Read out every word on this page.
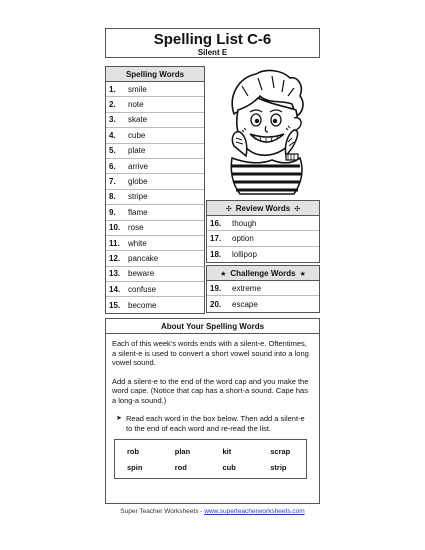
Spelling List C-6
Silent E
Spelling Words
1.	smile
2.	note
3.	skate
4.	cube
5.	plate
6.	arrive
7.	globe
8.	stripe
9.	flame
10. rose
11.	white
12. pancake
13. beware
14. confuse
15. become
✣ Review Words ✣
16.	though
17.	option
18.	lollipop
★ Challenge Words ★
19.	extreme
20.	escape
About Your Spelling Words

Each of this week's words ends with a silent-e. Oftentimes, a silent-e is used to convert a short vowel sound into a long vowel sound.

Add a silent-e to the end of the word cap and you make the word cape. (Notice that cap has a short-a sound. Cape has a long-a sound.)

➤ Read each word in the box below. Then add a silent-e to the end of each word and re-read the list.
rob	plan	kit	scrap
spin	rod	cub	strip
Super Teacher Worksheets - www.superteacherworksheets.com
